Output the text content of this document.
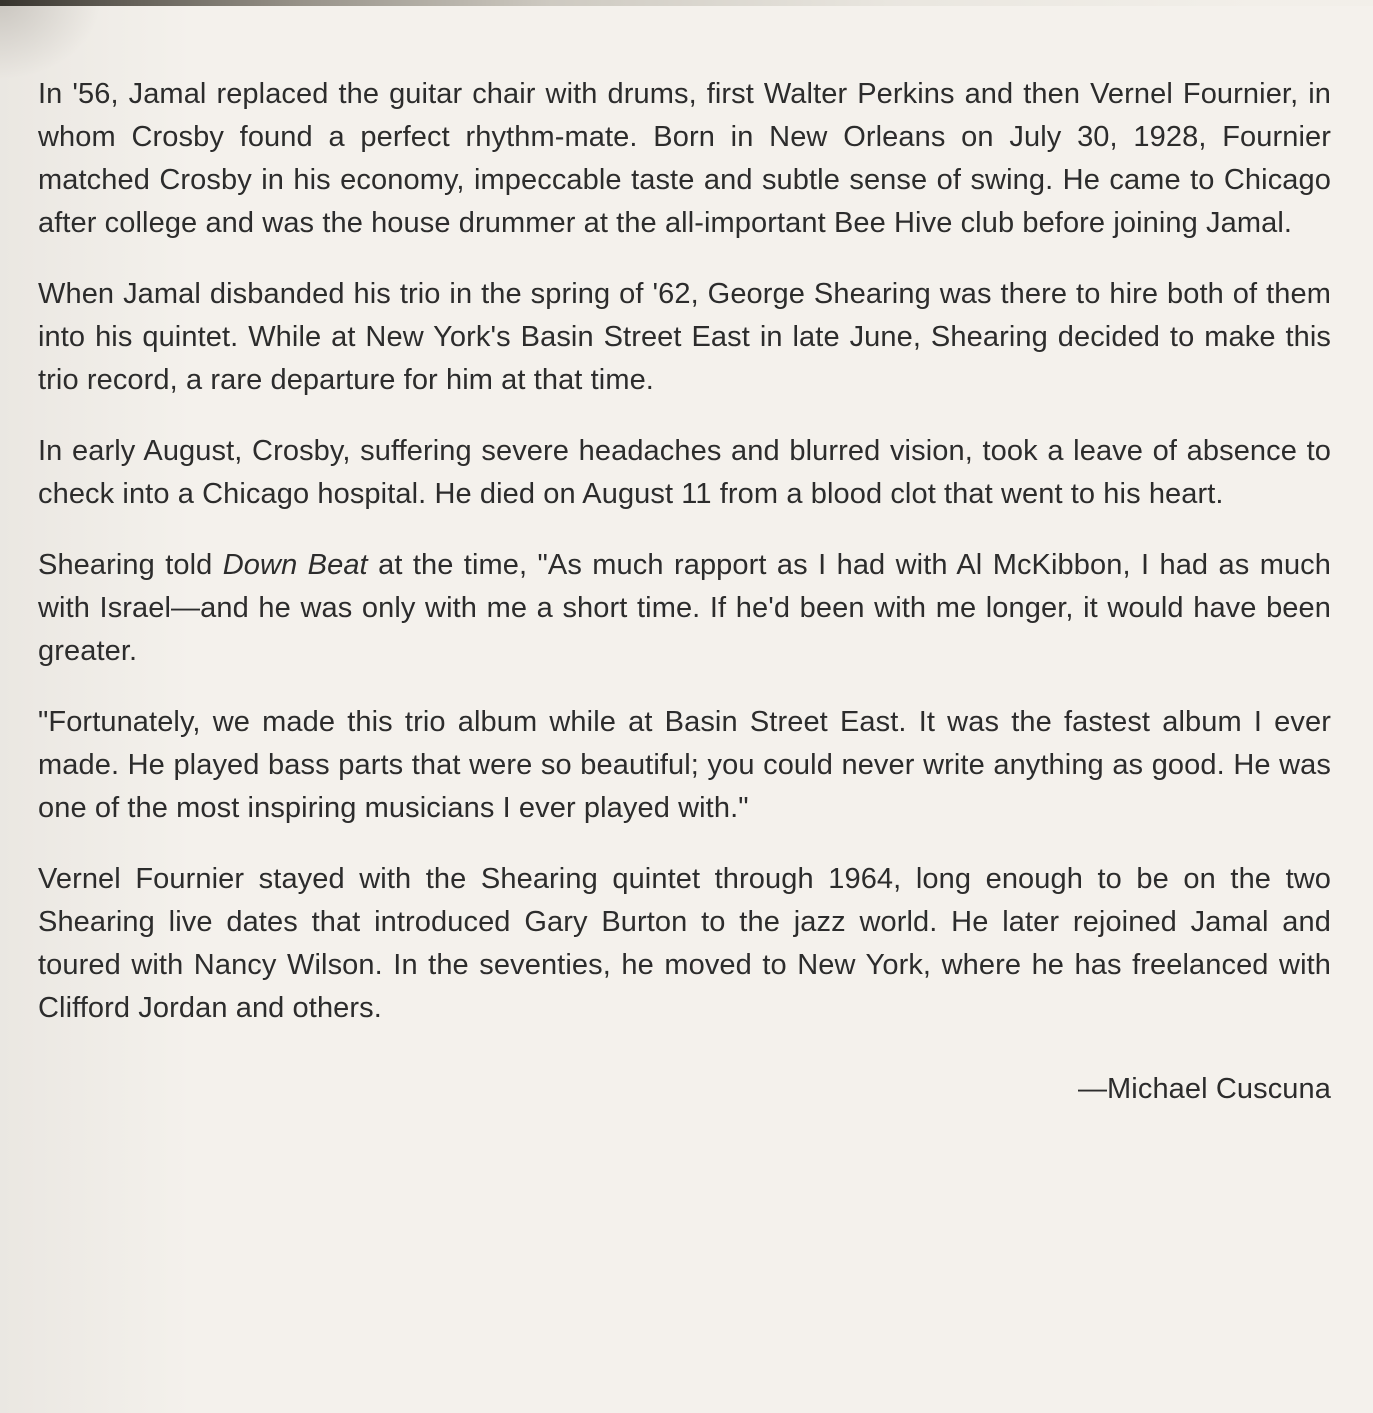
In '56, Jamal replaced the guitar chair with drums, first Walter Perkins and then Vernel Fournier, in whom Crosby found a perfect rhythm-mate. Born in New Orleans on July 30, 1928, Fournier matched Crosby in his economy, impeccable taste and subtle sense of swing. He came to Chicago after college and was the house drummer at the all-important Bee Hive club before joining Jamal.

When Jamal disbanded his trio in the spring of '62, George Shearing was there to hire both of them into his quintet. While at New York's Basin Street East in late June, Shearing decided to make this trio record, a rare departure for him at that time.

In early August, Crosby, suffering severe headaches and blurred vision, took a leave of absence to check into a Chicago hospital. He died on August 11 from a blood clot that went to his heart.

Shearing told Down Beat at the time, "As much rapport as I had with Al McKibbon, I had as much with Israel—and he was only with me a short time. If he'd been with me longer, it would have been greater.

"Fortunately, we made this trio album while at Basin Street East. It was the fastest album I ever made. He played bass parts that were so beautiful; you could never write anything as good. He was one of the most inspiring musicians I ever played with."

Vernel Fournier stayed with the Shearing quintet through 1964, long enough to be on the two Shearing live dates that introduced Gary Burton to the jazz world. He later rejoined Jamal and toured with Nancy Wilson. In the seventies, he moved to New York, where he has freelanced with Clifford Jordan and others.

—Michael Cuscuna
